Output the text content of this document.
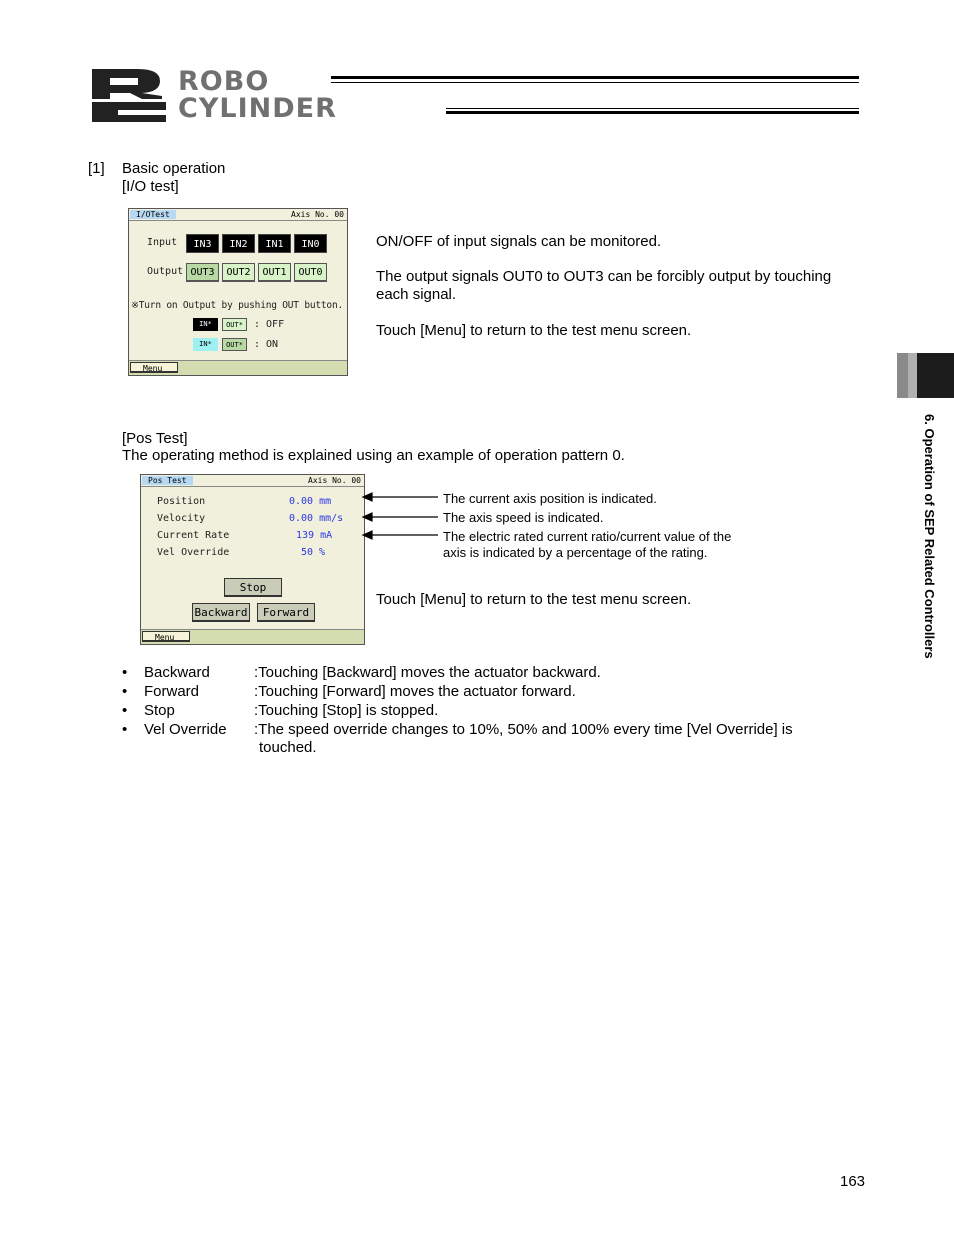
ROBO
CYLINDER
[1] Basic operation
[I/O test]
I/OTest	Axis No. 00
Input	IN3	IN2	IN1	IN0
Output OUT3	OUT2	OUT1	OUT0
※Turn on Output by pushing OUT button.
IN*	OUT*	: OFF
IN*	OUT*	: ON
Menu
ON/OFF of input signals can be monitored.
The output signals OUT0 to OUT3 can be forcibly output by touching
each signal.
Touch [Menu] to return to the test menu screen.
[Pos Test]
The operating method is explained using an example of operation pattern 0.
Pos Test	Axis No. 00
Position	0.00 mm
Velocity	0.00 mm/s
Current Rate	139 mA
Vel Override	50 %
Stop
Backward	Forward
Menu
The current axis position is indicated.
The axis speed is indicated.
The electric rated current ratio/current value of the
axis is indicated by a percentage of the rating.
Touch [Menu] to return to the test menu screen.
• Backward	:Touching [Backward] moves the actuator backward.
• Forward	:Touching [Forward] moves the actuator forward.
• Stop	:Touching [Stop] is stopped.
• Vel Override :The speed override changes to 10%, 50% and 100% every time [Vel Override] is
touched.
6. Operation of SEP Related Controllers
163
